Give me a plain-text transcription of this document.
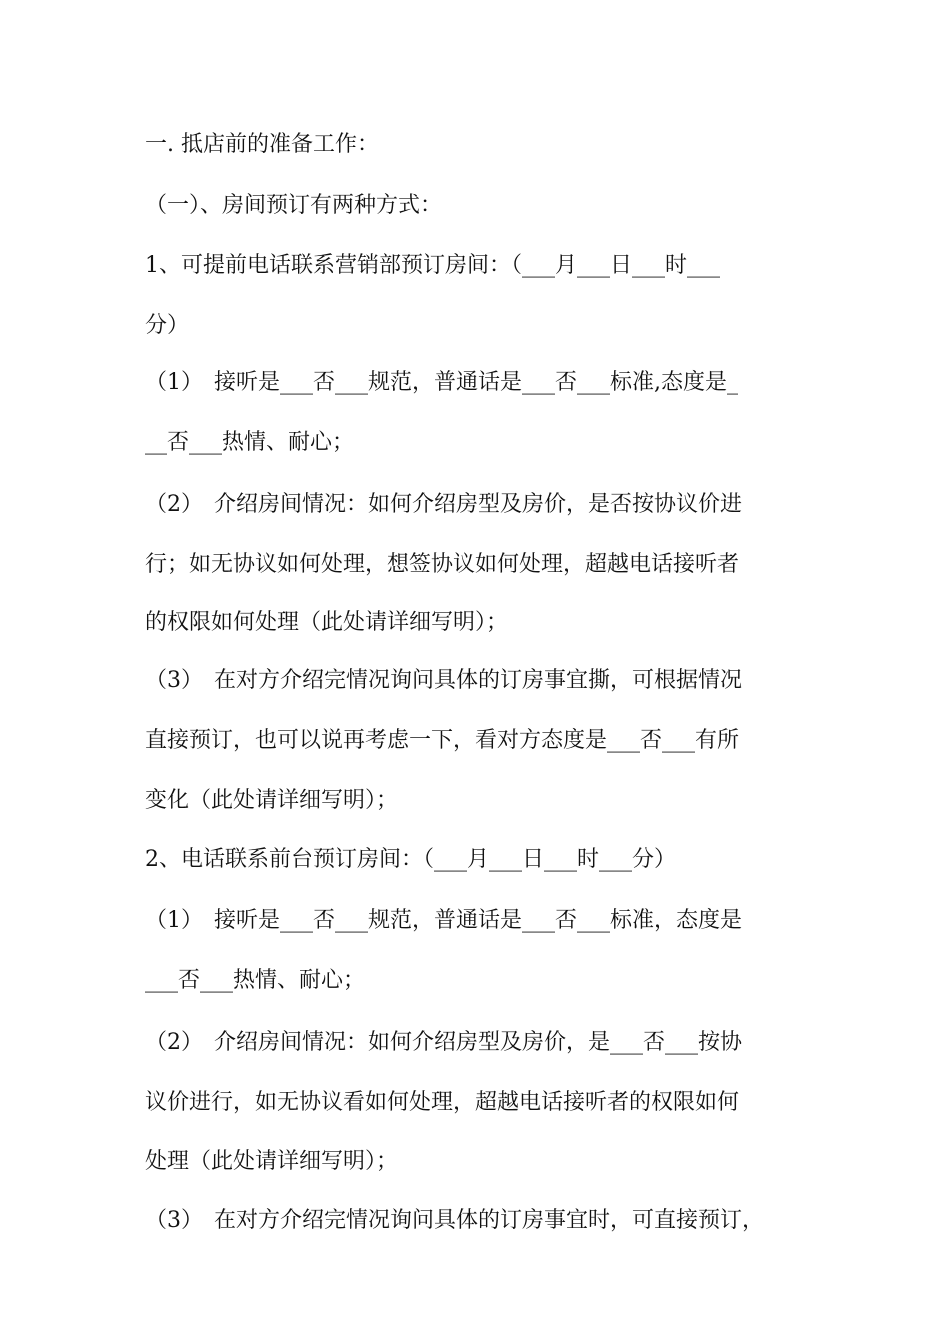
一. 抵店前的准备工作：

（一）、房间预订有两种方式：

1、可提前电话联系营销部预订房间：（___月___日___时___

分）

（1）　接听是___否___规范，普通话是___否___标准,态度是_

__否___热情、耐心；

（2）　介绍房间情况：如何介绍房型及房价，是否按协议价进

行；如无协议如何处理，想签协议如何处理，超越电话接听者

的权限如何处理（此处请详细写明）；

（3）　在对方介绍完情况询问具体的订房事宜撕，可根据情况

直接预订，也可以说再考虑一下，看对方态度是___否___有所

变化（此处请详细写明）；

2、电话联系前台预订房间：（___月___日___时___分）

（1）　接听是___否___规范，普通话是___否___标准，态度是

___否___热情、耐心；

（2）　介绍房间情况：如何介绍房型及房价，是___否___按协

议价进行，如无协议看如何处理，超越电话接听者的权限如何

处理（此处请详细写明）；

（3）　在对方介绍完情况询问具体的订房事宜时，可直接预订，
